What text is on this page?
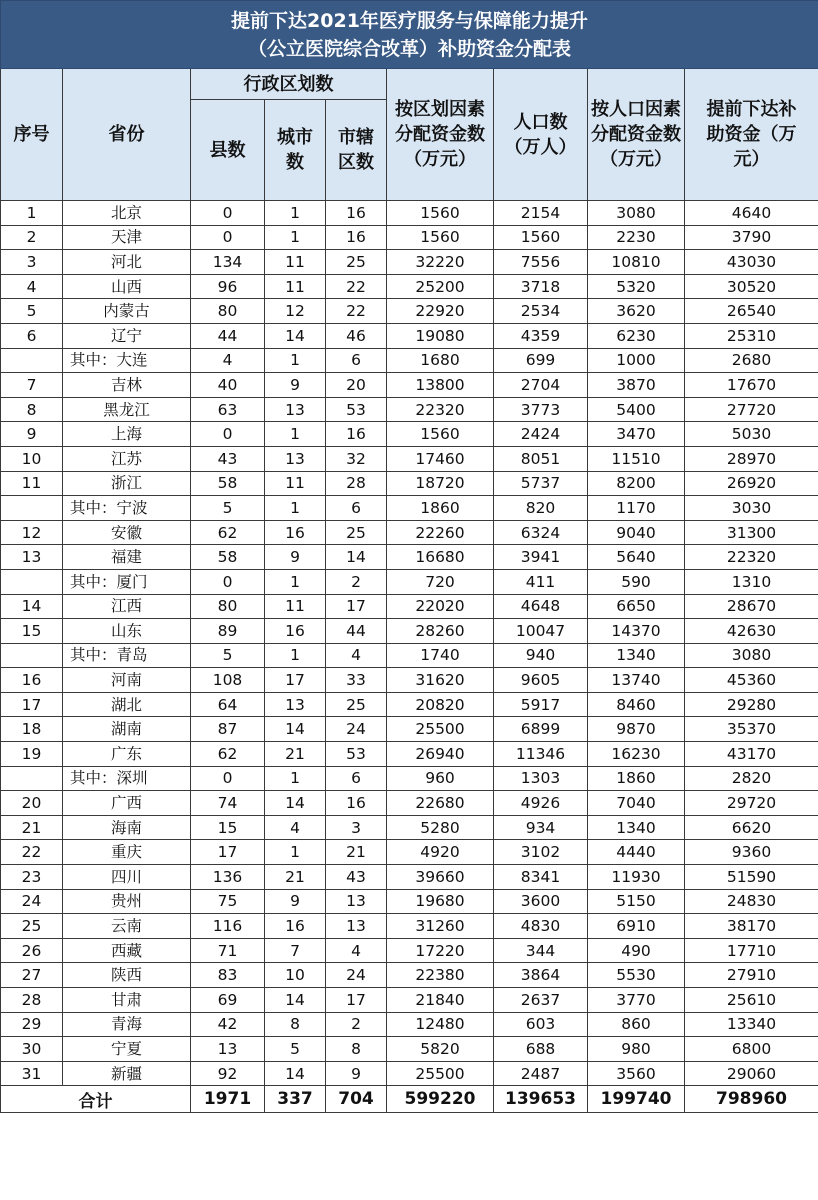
提前下达2021年医疗服务与保障能力提升
（公立医院综合改革）补助资金分配表								

序号	省份	行政区划数			按区划因素分配资金数（万元）	人口数（万人）	按人口因素分配资金数（万元）	提前下达补助资金（万元）

		县数	城市数	市辖区数				

1	北京	0	1	16	1560	2154	3080	4640
2	天津	0	1	16	1560	1560	2230	3790
3	河北	134	11	25	32220	7556	10810	43030
4	山西	96	11	22	25200	3718	5320	30520
5	内蒙古	80	12	22	22920	2534	3620	26540
6	辽宁	44	14	46	19080	4359	6230	25310
	其中：大连	4	1	6	1680	699	1000	2680
7	吉林	40	9	20	13800	2704	3870	17670
8	黑龙江	63	13	53	22320	3773	5400	27720
9	上海	0	1	16	1560	2424	3470	5030
10	江苏	43	13	32	17460	8051	11510	28970
11	浙江	58	11	28	18720	5737	8200	26920
	其中：宁波	5	1	6	1860	820	1170	3030
12	安徽	62	16	25	22260	6324	9040	31300
13	福建	58	9	14	16680	3941	5640	22320
	其中：厦门	0	1	2	720	411	590	1310
14	江西	80	11	17	22020	4648	6650	28670
15	山东	89	16	44	28260	10047	14370	42630
	其中：青岛	5	1	4	1740	940	1340	3080
16	河南	108	17	33	31620	9605	13740	45360
17	湖北	64	13	25	20820	5917	8460	29280
18	湖南	87	14	24	25500	6899	9870	35370
19	广东	62	21	53	26940	11346	16230	43170
	其中：深圳	0	1	6	960	1303	1860	2820
20	广西	74	14	16	22680	4926	7040	29720
21	海南	15	4	3	5280	934	1340	6620
22	重庆	17	1	21	4920	3102	4440	9360
23	四川	136	21	43	39660	8341	11930	51590
24	贵州	75	9	13	19680	3600	5150	24830
25	云南	116	16	13	31260	4830	6910	38170
26	西藏	71	7	4	17220	344	490	17710
27	陕西	83	10	24	22380	3864	5530	27910
28	甘肃	69	14	17	21840	2637	3770	25610
29	青海	42	8	2	12480	603	860	13340
30	宁夏	13	5	8	5820	688	980	6800
31	新疆	92	14	9	25500	2487	3560	29060
合计		1971	337	704	599220	139653	199740	798960
